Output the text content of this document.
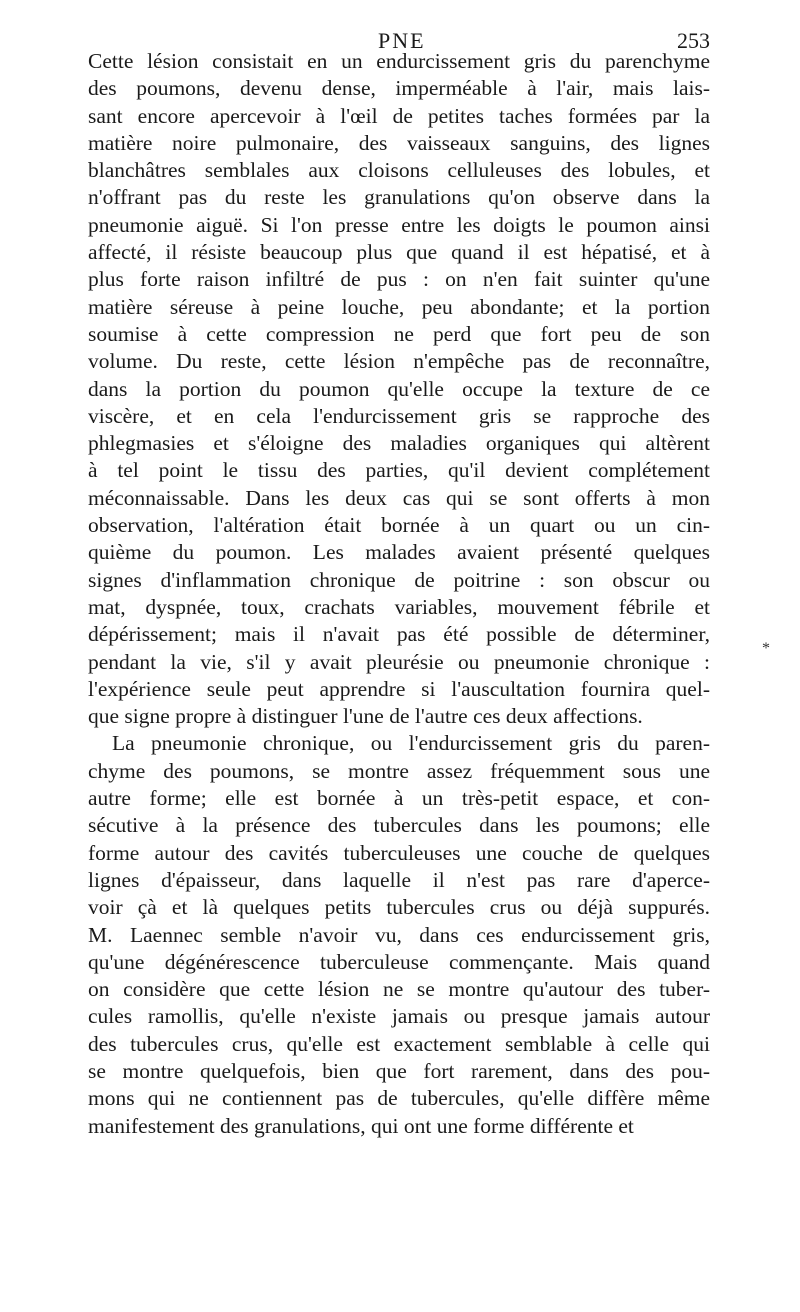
PNE	253
Cette lésion consistait en un endurcissement gris du parenchyme
des poumons, devenu dense, imperméable à l'air, mais lais-
sant encore apercevoir à l'œil de petites taches formées par la
matière noire pulmonaire, des vaisseaux sanguins, des lignes
blanchâtres semblales aux cloisons celluleuses des lobules, et
n'offrant pas du reste les granulations qu'on observe dans la
pneumonie aiguë. Si l'on presse entre les doigts le poumon ainsi
affecté, il résiste beaucoup plus que quand il est hépatisé, et à
plus forte raison infiltré de pus : on n'en fait suinter qu'une
matière séreuse à peine louche, peu abondante; et la portion
soumise à cette compression ne perd que fort peu de son
volume. Du reste, cette lésion n'empêche pas de reconnaître,
dans la portion du poumon qu'elle occupe la texture de ce
viscère, et en cela l'endurcissement gris se rapproche des
phlegmasies et s'éloigne des maladies organiques qui altèrent
à tel point le tissu des parties, qu'il devient complétement
méconnaissable. Dans les deux cas qui se sont offerts à mon
observation, l'altération était bornée à un quart ou un cin-
quième du poumon. Les malades avaient présenté quelques
signes d'inflammation chronique de poitrine : son obscur ou
mat, dyspnée, toux, crachats variables, mouvement fébrile et
dépérissement; mais il n'avait pas été possible de déterminer,
pendant la vie, s'il y avait pleurésie ou pneumonie chronique :
l'expérience seule peut apprendre si l'auscultation fournira quel-
que signe propre à distinguer l'une de l'autre ces deux affections.
La pneumonie chronique, ou l'endurcissement gris du paren-
chyme des poumons, se montre assez fréquemment sous une
autre forme; elle est bornée à un très-petit espace, et con-
sécutive à la présence des tubercules dans les poumons; elle
forme autour des cavités tuberculeuses une couche de quelques
lignes d'épaisseur, dans laquelle il n'est pas rare d'aperce-
voir çà et là quelques petits tubercules crus ou déjà suppurés.
M. Laennec semble n'avoir vu, dans ces endurcissement gris,
qu'une dégénérescence tuberculeuse commençante. Mais quand
on considère que cette lésion ne se montre qu'autour des tuber-
cules ramollis, qu'elle n'existe jamais ou presque jamais autour
des tubercules crus, qu'elle est exactement semblable à celle qui
se montre quelquefois, bien que fort rarement, dans des pou-
mons qui ne contiennent pas de tubercules, qu'elle diffère même
manifestement des granulations, qui ont une forme différente et
*
